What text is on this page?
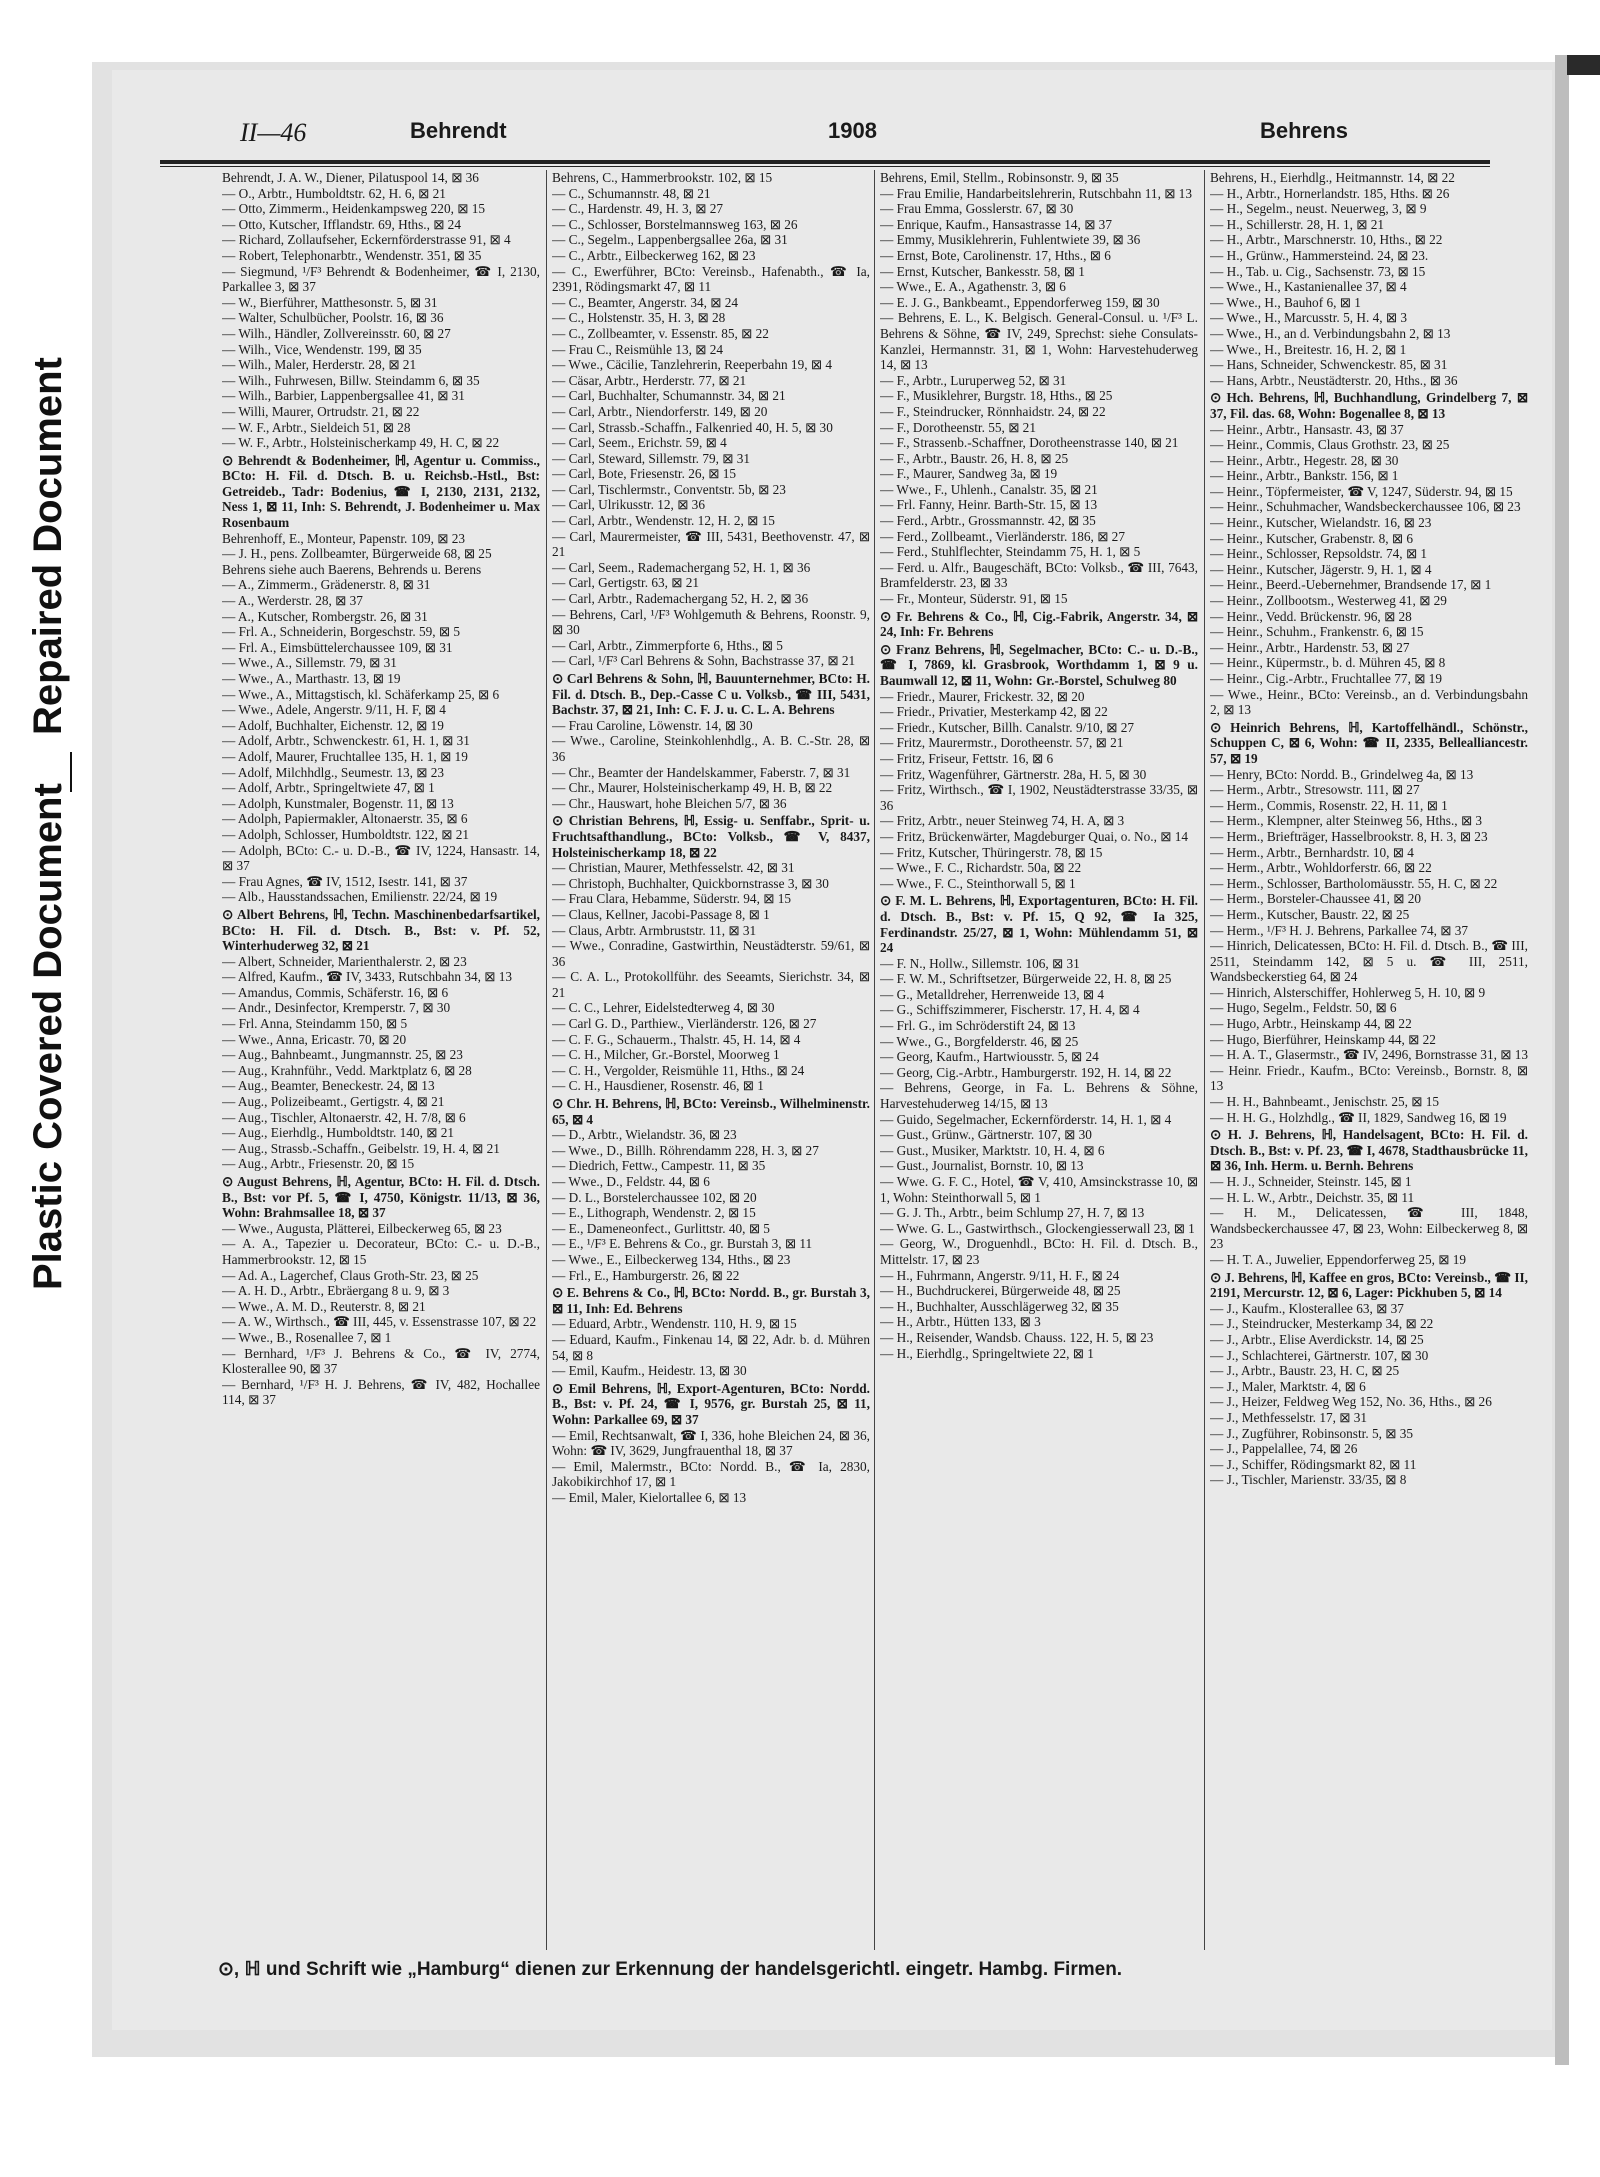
Repaired Document
Plastic Covered Document
II—46	Behrendt	1908	Behrens

Behrendt, J. A. W., Diener, Pilatuspool 14, ⊠ 36

— O., Arbtr., Humboldtstr. 62, H. 6, ⊠ 21

— Otto, Zimmerm., Heidenkampsweg 220, ⊠ 15

— Otto, Kutscher, Ifflandstr. 69, Hths., ⊠ 24

— Richard, Zollaufseher, Eckernförderstrasse 91, ⊠ 4

— Robert, Telephonarbtr., Wendenstr. 351, ⊠ 35

— Siegmund, ¹/F³ Behrendt & Bodenheimer, ☎ I, 2130, Parkallee 3, ⊠ 37

— W., Bierführer, Matthesonstr. 5, ⊠ 31

— Walter, Schulbücher, Poolstr. 16, ⊠ 36

— Wilh., Händler, Zollvereinsstr. 60, ⊠ 27

— Wilh., Vice, Wendenstr. 199, ⊠ 35

— Wilh., Maler, Herderstr. 28, ⊠ 21

— Wilh., Fuhrwesen, Billw. Steindamm 6, ⊠ 35

— Wilh., Barbier, Lappenbergsallee 41, ⊠ 31

— Willi, Maurer, Ortrudstr. 21, ⊠ 22

— W. F., Arbtr., Sieldeich 51, ⊠ 28

— W. F., Arbtr., Holsteinischerkamp 49, H. C, ⊠ 22

⊙ Behrendt & Bodenheimer, ℍ, Agentur u. Commiss., BCto: H. Fil. d. Dtsch. B. u. Reichsb.-Hstl., Bst: Getreideb., Tadr: Bodenius, ☎ I, 2130, 2131, 2132, Ness 1, ⊠ 11, Inh: S. Behrendt, J. Bodenheimer u. Max Rosenbaum

Behrenhoff, E., Monteur, Papenstr. 109, ⊠ 23

— J. H., pens. Zollbeamter, Bürgerweide 68, ⊠ 25

Behrens siehe auch Baerens, Behrends u. Berens

— A., Zimmerm., Grädenerstr. 8, ⊠ 31

— A., Werderstr. 28, ⊠ 37

— A., Kutscher, Rombergstr. 26, ⊠ 31

— Frl. A., Schneiderin, Borgeschstr. 59, ⊠ 5

— Frl. A., Eimsbüttelerchaussee 109, ⊠ 31

— Wwe., A., Sillemstr. 79, ⊠ 31

— Wwe., A., Marthastr. 13, ⊠ 19

— Wwe., A., Mittagstisch, kl. Schäferkamp 25, ⊠ 6

— Wwe., Adele, Angerstr. 9/11, H. F, ⊠ 4

— Adolf, Buchhalter, Eichenstr. 12, ⊠ 19

— Adolf, Arbtr., Schwenckestr. 61, H. 1, ⊠ 31

— Adolf, Maurer, Fruchtallee 135, H. 1, ⊠ 19

— Adolf, Milchhdlg., Seumestr. 13, ⊠ 23

— Adolf, Arbtr., Springeltwiete 47, ⊠ 1

— Adolph, Kunstmaler, Bogenstr. 11, ⊠ 13

— Adolph, Papiermakler, Altonaerstr. 35, ⊠ 6

— Adolph, Schlosser, Humboldtstr. 122, ⊠ 21

— Adolph, BCto: C.- u. D.-B., ☎ IV, 1224, Hansastr. 14, ⊠ 37

— Frau Agnes, ☎ IV, 1512, Isestr. 141, ⊠ 37

— Alb., Hausstandssachen, Emilienstr. 22/24, ⊠ 19

⊙ Albert Behrens, ℍ, Techn. Maschinenbedarfsartikel, BCto: H. Fil. d. Dtsch. B., Bst: v. Pf. 52, Winterhuderweg 32, ⊠ 21

— Albert, Schneider, Marienthalerstr. 2, ⊠ 23

— Alfred, Kaufm., ☎ IV, 3433, Rutschbahn 34, ⊠ 13

— Amandus, Commis, Schäferstr. 16, ⊠ 6

— Andr., Desinfector, Kremperstr. 7, ⊠ 30

— Frl. Anna, Steindamm 150, ⊠ 5

— Wwe., Anna, Ericastr. 70, ⊠ 20

— Aug., Bahnbeamt., Jungmannstr. 25, ⊠ 23

— Aug., Krahnführ., Vedd. Marktplatz 6, ⊠ 28

— Aug., Beamter, Beneckestr. 24, ⊠ 13

— Aug., Polizeibeamt., Gertigstr. 4, ⊠ 21

— Aug., Tischler, Altonaerstr. 42, H. 7/8, ⊠ 6

— Aug., Eierhdlg., Humboldtstr. 140, ⊠ 21

— Aug., Strassb.-Schaffn., Geibelstr. 19, H. 4, ⊠ 21

— Aug., Arbtr., Friesenstr. 20, ⊠ 15

⊙ August Behrens, ℍ, Agentur, BCto: H. Fil. d. Dtsch. B., Bst: vor Pf. 5, ☎ I, 4750, Königstr. 11/13, ⊠ 36, Wohn: Brahmsallee 18, ⊠ 37

— Wwe., Augusta, Plätterei, Eilbeckerweg 65, ⊠ 23

— A. A., Tapezier u. Decorateur, BCto: C.- u. D.-B., Hammerbrookstr. 12, ⊠ 15

— Ad. A., Lagerchef, Claus Groth-Str. 23, ⊠ 25

— A. H. D., Arbtr., Ebräergang 8 u. 9, ⊠ 3

— Wwe., A. M. D., Reuterstr. 8, ⊠ 21

— A. W., Wirthsch., ☎ III, 445, v. Essenstrasse 107, ⊠ 22

— Wwe., B., Rosenallee 7, ⊠ 1

— Bernhard, ¹/F³ J. Behrens & Co., ☎ IV, 2774, Klosterallee 90, ⊠ 37

— Bernhard, ¹/F³ H. J. Behrens, ☎ IV, 482, Hochallee 114, ⊠ 37

Behrens, C., Hammerbrookstr. 102, ⊠ 15

— C., Schumannstr. 48, ⊠ 21

— C., Hardenstr. 49, H. 3, ⊠ 27

— C., Schlosser, Borstelmannsweg 163, ⊠ 26

— C., Segelm., Lappenbergsallee 26a, ⊠ 31

— C., Arbtr., Eilbeckerweg 162, ⊠ 23

— C., Ewerführer, BCto: Vereinsb., Hafenabth., ☎ Ia, 2391, Rödingsmarkt 47, ⊠ 11

— C., Beamter, Angerstr. 34, ⊠ 24

— C., Holstenstr. 35, H. 3, ⊠ 28

— C., Zollbeamter, v. Essenstr. 85, ⊠ 22

— Frau C., Reismühle 13, ⊠ 24

— Wwe., Cäcilie, Tanzlehrerin, Reeperbahn 19, ⊠ 4

— Cäsar, Arbtr., Herderstr. 77, ⊠ 21

— Carl, Buchhalter, Schumannstr. 34, ⊠ 21

— Carl, Arbtr., Niendorferstr. 149, ⊠ 20

— Carl, Strassb.-Schaffn., Falkenried 40, H. 5, ⊠ 30

— Carl, Seem., Erichstr. 59, ⊠ 4

— Carl, Steward, Sillemstr. 79, ⊠ 31

— Carl, Bote, Friesenstr. 26, ⊠ 15

— Carl, Tischlermstr., Conventstr. 5b, ⊠ 23

— Carl, Ulrikusstr. 12, ⊠ 36

— Carl, Arbtr., Wendenstr. 12, H. 2, ⊠ 15

— Carl, Maurermeister, ☎ III, 5431, Beethovenstr. 47, ⊠ 21

— Carl, Seem., Rademachergang 52, H. 1, ⊠ 36

— Carl, Gertigstr. 63, ⊠ 21

— Carl, Arbtr., Rademachergang 52, H. 2, ⊠ 36

— Behrens, Carl, ¹/F³ Wohlgemuth & Behrens, Roonstr. 9, ⊠ 30

— Carl, Arbtr., Zimmerpforte 6, Hths., ⊠ 5

— Carl, ¹/F³ Carl Behrens & Sohn, Bachstrasse 37, ⊠ 21

⊙ Carl Behrens & Sohn, ℍ, Bauunternehmer, BCto: H. Fil. d. Dtsch. B., Dep.-Casse C u. Volksb., ☎ III, 5431, Bachstr. 37, ⊠ 21, Inh: C. F. J. u. C. L. A. Behrens

— Frau Caroline, Löwenstr. 14, ⊠ 30

— Wwe., Caroline, Steinkohlenhdlg., A. B. C.-Str. 28, ⊠ 36

— Chr., Beamter der Handelskammer, Faberstr. 7, ⊠ 31

— Chr., Maurer, Holsteinischerkamp 49, H. B, ⊠ 22

— Chr., Hauswart, hohe Bleichen 5/7, ⊠ 36

⊙ Christian Behrens, ℍ, Essig- u. Senffabr., Sprit- u. Fruchtsafthandlung., BCto: Volksb., ☎ V, 8437, Holsteinischerkamp 18, ⊠ 22

— Christian, Maurer, Methfesselstr. 42, ⊠ 31

— Christoph, Buchhalter, Quickbornstrasse 3, ⊠ 30

— Frau Clara, Hebamme, Süderstr. 94, ⊠ 15

— Claus, Kellner, Jacobi-Passage 8, ⊠ 1

— Claus, Arbtr. Armbruststr. 11, ⊠ 31

— Wwe., Conradine, Gastwirthin, Neustädterstr. 59/61, ⊠ 36

— C. A. L., Protokollführ. des Seeamts, Sierichstr. 34, ⊠ 21

— C. C., Lehrer, Eidelstedterweg 4, ⊠ 30

— Carl G. D., Parthiew., Vierländerstr. 126, ⊠ 27

— C. F. G., Schauerm., Thalstr. 45, H. 14, ⊠ 4

— C. H., Milcher, Gr.-Borstel, Moorweg 1

— C. H., Vergolder, Reismühle 11, Hths., ⊠ 24

— C. H., Hausdiener, Rosenstr. 46, ⊠ 1

⊙ Chr. H. Behrens, ℍ, BCto: Vereinsb., Wilhelminenstr. 65, ⊠ 4

— D., Arbtr., Wielandstr. 36, ⊠ 23

— Wwe., D., Billh. Röhrendamm 228, H. 3, ⊠ 27

— Diedrich, Fettw., Campestr. 11, ⊠ 35

— Wwe., D., Feldstr. 44, ⊠ 6

— D. L., Borstelerchaussee 102, ⊠ 20

— E., Lithograph, Wendenstr. 2, ⊠ 15

— E., Dameneonfect., Gurlittstr. 40, ⊠ 5

— E., ¹/F³ E. Behrens & Co., gr. Burstah 3, ⊠ 11

— Wwe., E., Eilbeckerweg 134, Hths., ⊠ 23

— Frl., E., Hamburgerstr. 26, ⊠ 22

⊙ E. Behrens & Co., ℍ, BCto: Nordd. B., gr. Burstah 3, ⊠ 11, Inh: Ed. Behrens

— Eduard, Arbtr., Wendenstr. 110, H. 9, ⊠ 15

— Eduard, Kaufm., Finkenau 14, ⊠ 22, Adr. b. d. Mühren 54, ⊠ 8

— Emil, Kaufm., Heidestr. 13, ⊠ 30

⊙ Emil Behrens, ℍ, Export-Agenturen, BCto: Nordd. B., Bst: v. Pf. 24, ☎ I, 9576, gr. Burstah 25, ⊠ 11, Wohn: Parkallee 69, ⊠ 37

— Emil, Rechtsanwalt, ☎ I, 336, hohe Bleichen 24, ⊠ 36, Wohn: ☎ IV, 3629, Jungfrauenthal 18, ⊠ 37

— Emil, Malermstr., BCto: Nordd. B., ☎ Ia, 2830, Jakobikirchhof 17, ⊠ 1

— Emil, Maler, Kielortallee 6, ⊠ 13

Behrens, Emil, Stellm., Robinsonstr. 9, ⊠ 35

— Frau Emilie, Handarbeitslehrerin, Rutschbahn 11, ⊠ 13

— Frau Emma, Gosslerstr. 67, ⊠ 30

— Enrique, Kaufm., Hansastrasse 14, ⊠ 37

— Emmy, Musiklehrerin, Fuhlentwiete 39, ⊠ 36

— Ernst, Bote, Carolinenstr. 17, Hths., ⊠ 6

— Ernst, Kutscher, Bankesstr. 58, ⊠ 1

— Wwe., E. A., Agathenstr. 3, ⊠ 6

— E. J. G., Bankbeamt., Eppendorferweg 159, ⊠ 30

— Behrens, E. L., K. Belgisch. General-Consul. u. ¹/F³ L. Behrens & Söhne, ☎ IV, 249, Sprechst: siehe Consulats-Kanzlei, Hermannstr. 31, ⊠ 1, Wohn: Harvestehuderweg 14, ⊠ 13

— F., Arbtr., Luruperweg 52, ⊠ 31

— F., Musiklehrer, Burgstr. 18, Hths., ⊠ 25

— F., Steindrucker, Rönnhaidstr. 24, ⊠ 22

— F., Dorotheenstr. 55, ⊠ 21

— F., Strassenb.-Schaffner, Dorotheenstrasse 140, ⊠ 21

— F., Arbtr., Baustr. 26, H. 8, ⊠ 25

— F., Maurer, Sandweg 3a, ⊠ 19

— Wwe., F., Uhlenh., Canalstr. 35, ⊠ 21

— Frl. Fanny, Heinr. Barth-Str. 15, ⊠ 13

— Ferd., Arbtr., Grossmannstr. 42, ⊠ 35

— Ferd., Zollbeamt., Vierländerstr. 186, ⊠ 27

— Ferd., Stuhlflechter, Steindamm 75, H. 1, ⊠ 5

— Ferd. u. Alfr., Baugeschäft, BCto: Volksb., ☎ III, 7643, Bramfelderstr. 23, ⊠ 33

— Fr., Monteur, Süderstr. 91, ⊠ 15

⊙ Fr. Behrens & Co., ℍ, Cig.-Fabrik, Angerstr. 34, ⊠ 24, Inh: Fr. Behrens

⊙ Franz Behrens, ℍ, Segelmacher, BCto: C.- u. D.-B., ☎ I, 7869, kl. Grasbrook, Worthdamm 1, ⊠ 9 u. Baumwall 12, ⊠ 11, Wohn: Gr.-Borstel, Schulweg 80

— Friedr., Maurer, Frickestr. 32, ⊠ 20

— Friedr., Privatier, Mesterkamp 42, ⊠ 22

— Friedr., Kutscher, Billh. Canalstr. 9/10, ⊠ 27

— Fritz, Maurermstr., Dorotheenstr. 57, ⊠ 21

— Fritz, Friseur, Fettstr. 16, ⊠ 6

— Fritz, Wagenführer, Gärtnerstr. 28a, H. 5, ⊠ 30

— Fritz, Wirthsch., ☎ I, 1902, Neustädterstrasse 33/35, ⊠ 36

— Fritz, Arbtr., neuer Steinweg 74, H. A, ⊠ 3

— Fritz, Brückenwärter, Magdeburger Quai, o. No., ⊠ 14

— Fritz, Kutscher, Thüringerstr. 78, ⊠ 15

— Wwe., F. C., Richardstr. 50a, ⊠ 22

— Wwe., F. C., Steinthorwall 5, ⊠ 1

⊙ F. M. L. Behrens, ℍ, Exportagenturen, BCto: H. Fil. d. Dtsch. B., Bst: v. Pf. 15, Q 92, ☎ Ia 325, Ferdinandstr. 25/27, ⊠ 1, Wohn: Mühlendamm 51, ⊠ 24

— F. N., Hollw., Sillemstr. 106, ⊠ 31

— F. W. M., Schriftsetzer, Bürgerweide 22, H. 8, ⊠ 25

— G., Metalldreher, Herrenweide 13, ⊠ 4

— G., Schiffszimmerer, Fischerstr. 17, H. 4, ⊠ 4

— Frl. G., im Schröderstift 24, ⊠ 13

— Wwe., G., Borgfelderstr. 46, ⊠ 25

— Georg, Kaufm., Hartwiousstr. 5, ⊠ 24

— Georg, Cig.-Arbtr., Hamburgerstr. 192, H. 14, ⊠ 22

— Behrens, George, in Fa. L. Behrens & Söhne, Harvestehuderweg 14/15, ⊠ 13

— Guido, Segelmacher, Eckernförderstr. 14, H. 1, ⊠ 4

— Gust., Grünw., Gärtnerstr. 107, ⊠ 30

— Gust., Musiker, Marktstr. 10, H. 4, ⊠ 6

— Gust., Journalist, Bornstr. 10, ⊠ 13

— Wwe. G. F. C., Hotel, ☎ V, 410, Amsinckstrasse 10, ⊠ 1, Wohn: Steinthorwall 5, ⊠ 1

— G. J. Th., Arbtr., beim Schlump 27, H. 7, ⊠ 13

— Wwe. G. L., Gastwirthsch., Glockengiesserwall 23, ⊠ 1

— Georg, W., Droguenhdl., BCto: H. Fil. d. Dtsch. B., Mittelstr. 17, ⊠ 23

— H., Fuhrmann, Angerstr. 9/11, H. F., ⊠ 24

— H., Buchdruckerei, Bürgerweide 48, ⊠ 25

— H., Buchhalter, Ausschlägerweg 32, ⊠ 35

— H., Arbtr., Hütten 133, ⊠ 3

— H., Reisender, Wandsb. Chauss. 122, H. 5, ⊠ 23

— H., Eierhdlg., Springeltwiete 22, ⊠ 1

Behrens, H., Eierhdlg., Heitmannstr. 14, ⊠ 22

— H., Arbtr., Hornerlandstr. 185, Hths. ⊠ 26

— H., Segelm., neust. Neuerweg, 3, ⊠ 9

— H., Schillerstr. 28, H. 1, ⊠ 21

— H., Arbtr., Marschnerstr. 10, Hths., ⊠ 22

— H., Grünw., Hammersteind. 24, ⊠ 23.

— H., Tab. u. Cig., Sachsenstr. 73, ⊠ 15

— Wwe., H., Kastanienallee 37, ⊠ 4

— Wwe., H., Bauhof 6, ⊠ 1

— Wwe., H., Marcusstr. 5, H. 4, ⊠ 3

— Wwe., H., an d. Verbindungsbahn 2, ⊠ 13

— Wwe., H., Breitestr. 16, H. 2, ⊠ 1

— Hans, Schneider, Schwenckestr. 85, ⊠ 31

— Hans, Arbtr., Neustädterstr. 20, Hths., ⊠ 36

⊙ Hch. Behrens, ℍ, Buchhandlung, Grindelberg 7, ⊠ 37, Fil. das. 68, Wohn: Bogenallee 8, ⊠ 13

— Heinr., Arbtr., Hansastr. 43, ⊠ 37

— Heinr., Commis, Claus Grothstr. 23, ⊠ 25

— Heinr., Arbtr., Hegestr. 28, ⊠ 30

— Heinr., Arbtr., Bankstr. 156, ⊠ 1

— Heinr., Töpfermeister, ☎ V, 1247, Süderstr. 94, ⊠ 15

— Heinr., Schuhmacher, Wandsbeckerchaussee 106, ⊠ 23

— Heinr., Kutscher, Wielandstr. 16, ⊠ 23

— Heinr., Kutscher, Grabenstr. 8, ⊠ 6

— Heinr., Schlosser, Repsoldstr. 74, ⊠ 1

— Heinr., Kutscher, Jägerstr. 9, H. 1, ⊠ 4

— Heinr., Beerd.-Uebernehmer, Brandsende 17, ⊠ 1

— Heinr., Zollbootsm., Westerweg 41, ⊠ 29

— Heinr., Vedd. Brückenstr. 96, ⊠ 28

— Heinr., Schuhm., Frankenstr. 6, ⊠ 15

— Heinr., Arbtr., Hardenstr. 53, ⊠ 27

— Heinr., Küpermstr., b. d. Mühren 45, ⊠ 8

— Heinr., Cig.-Arbtr., Fruchtallee 77, ⊠ 19

— Wwe., Heinr., BCto: Vereinsb., an d. Verbindungsbahn 2, ⊠ 13

⊙ Heinrich Behrens, ℍ, Kartoffelhändl., Schönstr., Schuppen C, ⊠ 6, Wohn: ☎ II, 2335, Bellealliancestr. 57, ⊠ 19

— Henry, BCto: Nordd. B., Grindelweg 4a, ⊠ 13

— Herm., Arbtr., Stresowstr. 111, ⊠ 27

— Herm., Commis, Rosenstr. 22, H. 11, ⊠ 1

— Herm., Klempner, alter Steinweg 56, Hths., ⊠ 3

— Herm., Briefträger, Hasselbrookstr. 8, H. 3, ⊠ 23

— Herm., Arbtr., Bernhardstr. 10, ⊠ 4

— Herm., Arbtr., Wohldorferstr. 66, ⊠ 22

— Herm., Schlosser, Bartholomäusstr. 55, H. C, ⊠ 22

— Herm., Borsteler-Chaussee 41, ⊠ 20

— Herm., Kutscher, Baustr. 22, ⊠ 25

— Herm., ¹/F³ H. J. Behrens, Parkallee 74, ⊠ 37

— Hinrich, Delicatessen, BCto: H. Fil. d. Dtsch. B., ☎ III, 2511, Steindamm 142, ⊠ 5 u. ☎ III, 2511, Wandsbeckerstieg 64, ⊠ 24

— Hinrich, Alsterschiffer, Hohlerweg 5, H. 10, ⊠ 9

— Hugo, Segelm., Feldstr. 50, ⊠ 6

— Hugo, Arbtr., Heinskamp 44, ⊠ 22

— Hugo, Bierführer, Heinskamp 44, ⊠ 22

— H. A. T., Glasermstr., ☎ IV, 2496, Bornstrasse 31, ⊠ 13

— Heinr. Friedr., Kaufm., BCto: Vereinsb., Bornstr. 8, ⊠ 13

— H. H., Bahnbeamt., Jenischstr. 25, ⊠ 15

— H. H. G., Holzhdlg., ☎ II, 1829, Sandweg 16, ⊠ 19

⊙ H. J. Behrens, ℍ, Handelsagent, BCto: H. Fil. d. Dtsch. B., Bst: v. Pf. 23, ☎ I, 4678, Stadthausbrücke 11, ⊠ 36, Inh. Herm. u. Bernh. Behrens

— H. J., Schneider, Steinstr. 145, ⊠ 1

— H. L. W., Arbtr., Deichstr. 35, ⊠ 11

— H. M., Delicatessen, ☎ III, 1848, Wandsbeckerchaussee 47, ⊠ 23, Wohn: Eilbeckerweg 8, ⊠ 23

— H. T. A., Juwelier, Eppendorferweg 25, ⊠ 19

⊙ J. Behrens, ℍ, Kaffee en gros, BCto: Vereinsb., ☎ II, 2191, Mercurstr. 12, ⊠ 6, Lager: Pickhuben 5, ⊠ 14

— J., Kaufm., Klosterallee 63, ⊠ 37

— J., Steindrucker, Mesterkamp 34, ⊠ 22

— J., Arbtr., Elise Averdickstr. 14, ⊠ 25

— J., Schlachterei, Gärtnerstr. 107, ⊠ 30

— J., Arbtr., Baustr. 23, H. C, ⊠ 25

— J., Maler, Marktstr. 4, ⊠ 6

— J., Heizer, Feldweg Weg 152, No. 36, Hths., ⊠ 26

— J., Methfesselstr. 17, ⊠ 31

— J., Zugführer, Robinsonstr. 5, ⊠ 35

— J., Pappelallee, 74, ⊠ 26

— J., Schiffer, Rödingsmarkt 82, ⊠ 11

— J., Tischler, Marienstr. 33/35, ⊠ 8

⊙, ℍ und Schrift wie „Hamburg“ dienen zur Erkennung der handelsgerichtl. eingetr. Hambg. Firmen.
